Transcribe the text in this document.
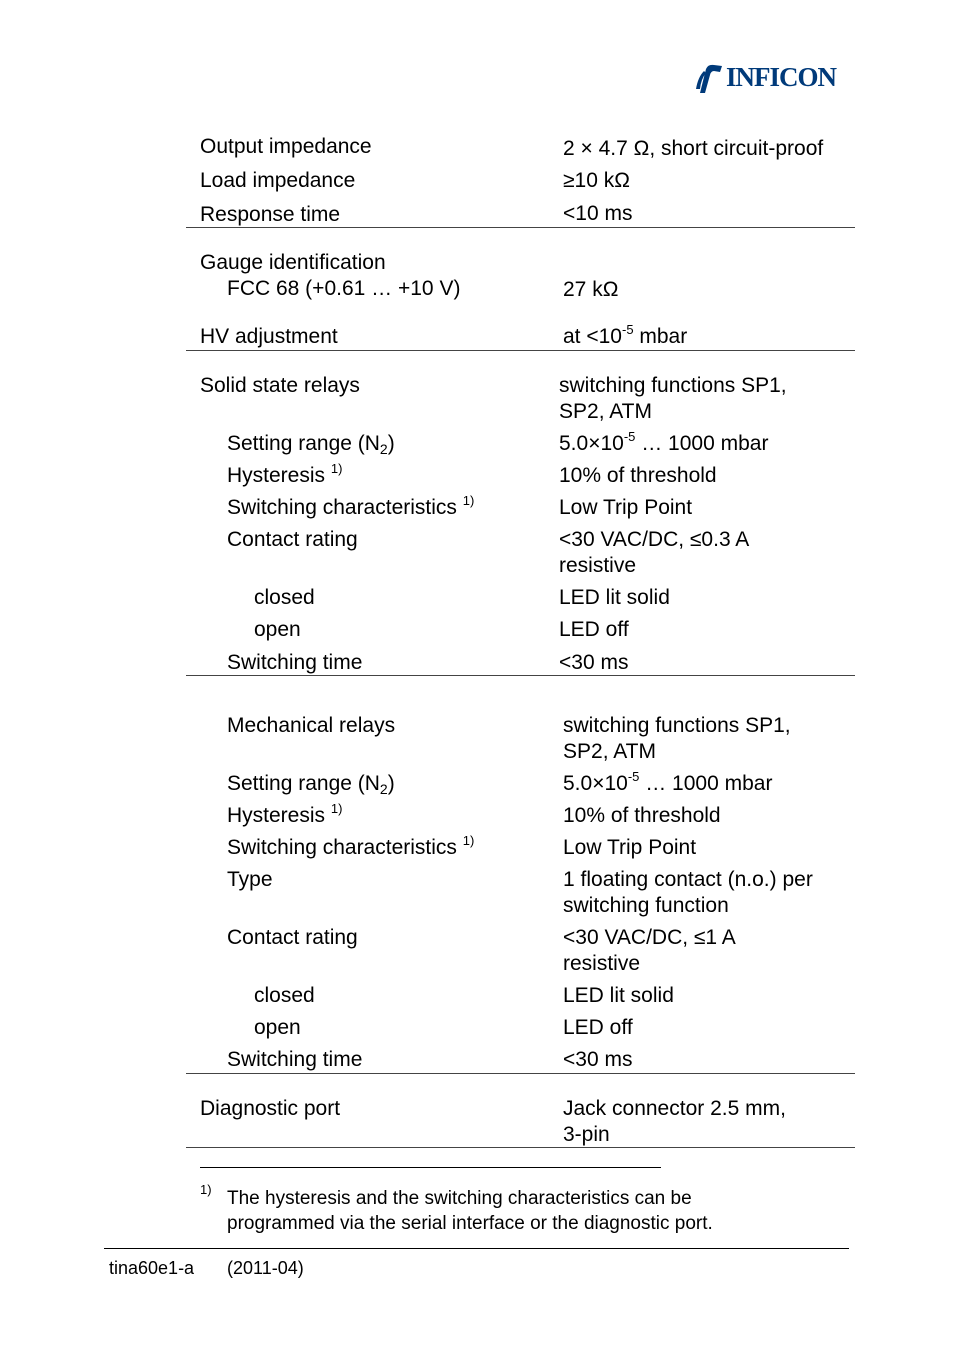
INFICON
Output impedance	2 × 4.7 Ω, short circuit-proof
Load impedance	≥10 kΩ
Response time	<10 ms
Gauge identification
FCC 68 (+0.61 … +10 V)	27 kΩ
HV adjustment	at $<10^{-5}$ mbar
Solid state relays	switching functions SP1,
SP2, ATM
Setting range $(N_2)$	$5.0\times 10^{-5}$ … 1000 mbar
Hysteresis $^{1)}$	10% of threshold
Switching characteristics $^{1)}$	Low Trip Point
Contact rating	<30 VAC/DC, ≤0.3 A
resistive
closed	LED lit solid
open	LED off
Switching time	<30 ms
Mechanical relays	switching functions SP1,
SP2, ATM
Setting range $(N_2)$	$5.0\times 10^{-5}$ … 1000 mbar
Hysteresis $^{1)}$	10% of threshold
Switching characteristics $^{1)}$	Low Trip Point
Type	1 floating contact (n.o.) per
switching function
Contact rating	<30 VAC/DC, ≤1 A
resistive
closed	LED lit solid
open	LED off
Switching time	<30 ms
Diagnostic port	Jack connector 2.5 mm,
3-pin
1) The hysteresis and the switching characteristics can be
programmed via the serial interface or the diagnostic port.
tina60e1-a (2011-04)
